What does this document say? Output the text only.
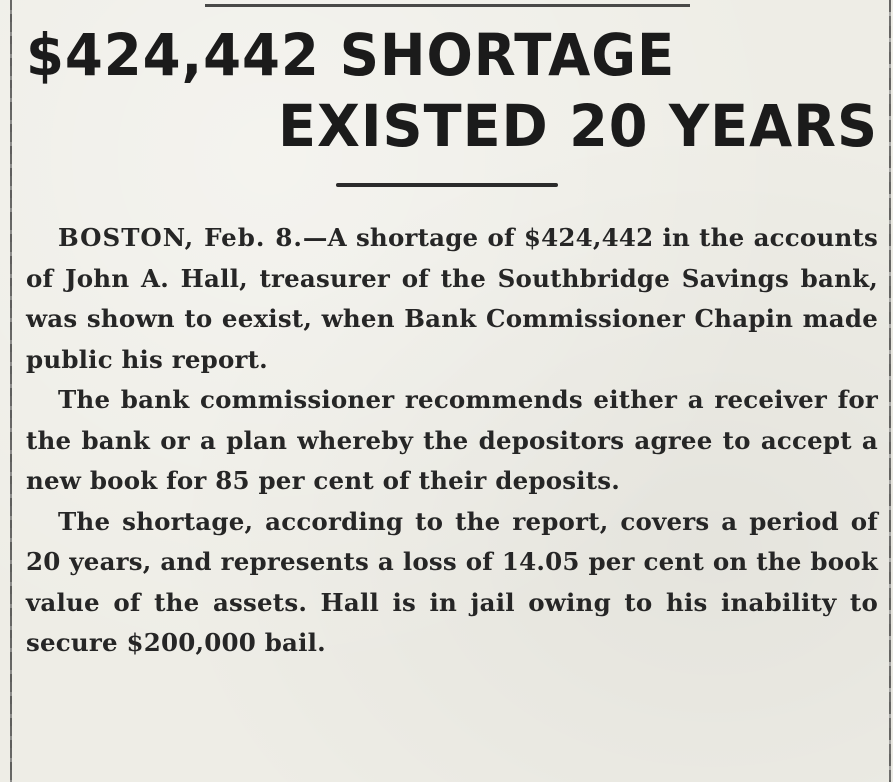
$424,442 SHORTAGE
EXISTED 20 YEARS

BOSTON, Feb. 8.—A shortage of $424,442 in the accounts of John A. Hall, treasurer of the Southbridge Savings bank, was shown to eexist, when Bank Commissioner Chapin made public his report.

The bank commissioner recommends either a receiver for the bank or a plan whereby the depositors agree to accept a new book for 85 per cent of their deposits.

The shortage, according to the report, covers a period of 20 years, and represents a loss of 14.05 per cent on the book value of the assets. Hall is in jail owing to his inability to secure $200,000 bail.
